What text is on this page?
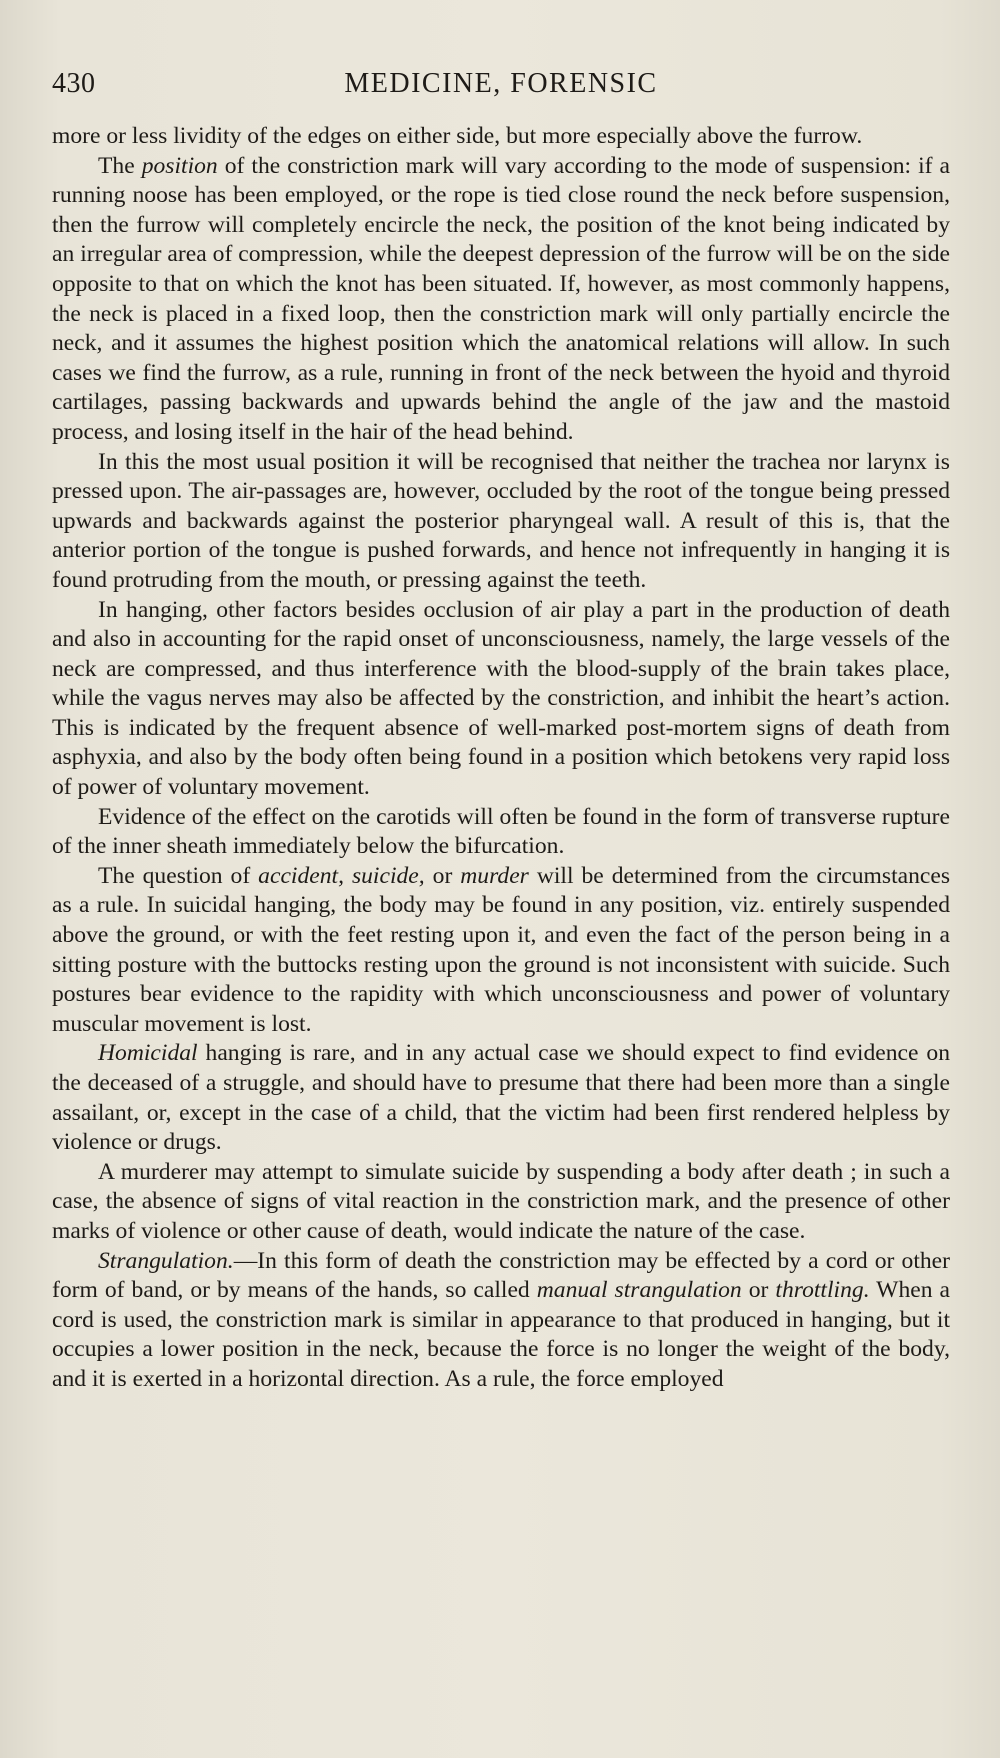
430	MEDICINE, FORENSIC

more or less lividity of the edges on either side, but more especially above the furrow.

The position of the constriction mark will vary according to the mode of suspension: if a running noose has been employed, or the rope is tied close round the neck before suspension, then the furrow will completely encircle the neck, the position of the knot being indicated by an irregular area of compression, while the deepest depression of the furrow will be on the side opposite to that on which the knot has been situated. If, however, as most commonly happens, the neck is placed in a fixed loop, then the constriction mark will only partially encircle the neck, and it assumes the highest position which the anatomical relations will allow. In such cases we find the furrow, as a rule, running in front of the neck between the hyoid and thyroid cartilages, passing backwards and upwards behind the angle of the jaw and the mastoid process, and losing itself in the hair of the head behind.

In this the most usual position it will be recognised that neither the trachea nor larynx is pressed upon. The air-passages are, however, occluded by the root of the tongue being pressed upwards and backwards against the posterior pharyngeal wall. A result of this is, that the anterior portion of the tongue is pushed forwards, and hence not infrequently in hanging it is found protruding from the mouth, or pressing against the teeth.

In hanging, other factors besides occlusion of air play a part in the production of death and also in accounting for the rapid onset of unconsciousness, namely, the large vessels of the neck are compressed, and thus interference with the blood-supply of the brain takes place, while the vagus nerves may also be affected by the constriction, and inhibit the heart’s action. This is indicated by the frequent absence of well-marked post-mortem signs of death from asphyxia, and also by the body often being found in a position which betokens very rapid loss of power of voluntary movement.

Evidence of the effect on the carotids will often be found in the form of transverse rupture of the inner sheath immediately below the bifurcation.

The question of accident, suicide, or murder will be determined from the circumstances as a rule. In suicidal hanging, the body may be found in any position, viz. entirely suspended above the ground, or with the feet resting upon it, and even the fact of the person being in a sitting posture with the buttocks resting upon the ground is not inconsistent with suicide. Such postures bear evidence to the rapidity with which unconsciousness and power of voluntary muscular movement is lost.

Homicidal hanging is rare, and in any actual case we should expect to find evidence on the deceased of a struggle, and should have to presume that there had been more than a single assailant, or, except in the case of a child, that the victim had been first rendered helpless by violence or drugs.

A murderer may attempt to simulate suicide by suspending a body after death ; in such a case, the absence of signs of vital reaction in the constriction mark, and the presence of other marks of violence or other cause of death, would indicate the nature of the case.

Strangulation.—In this form of death the constriction may be effected by a cord or other form of band, or by means of the hands, so called manual strangulation or throttling. When a cord is used, the constriction mark is similar in appearance to that produced in hanging, but it occupies a lower position in the neck, because the force is no longer the weight of the body, and it is exerted in a horizontal direction. As a rule, the force employed
